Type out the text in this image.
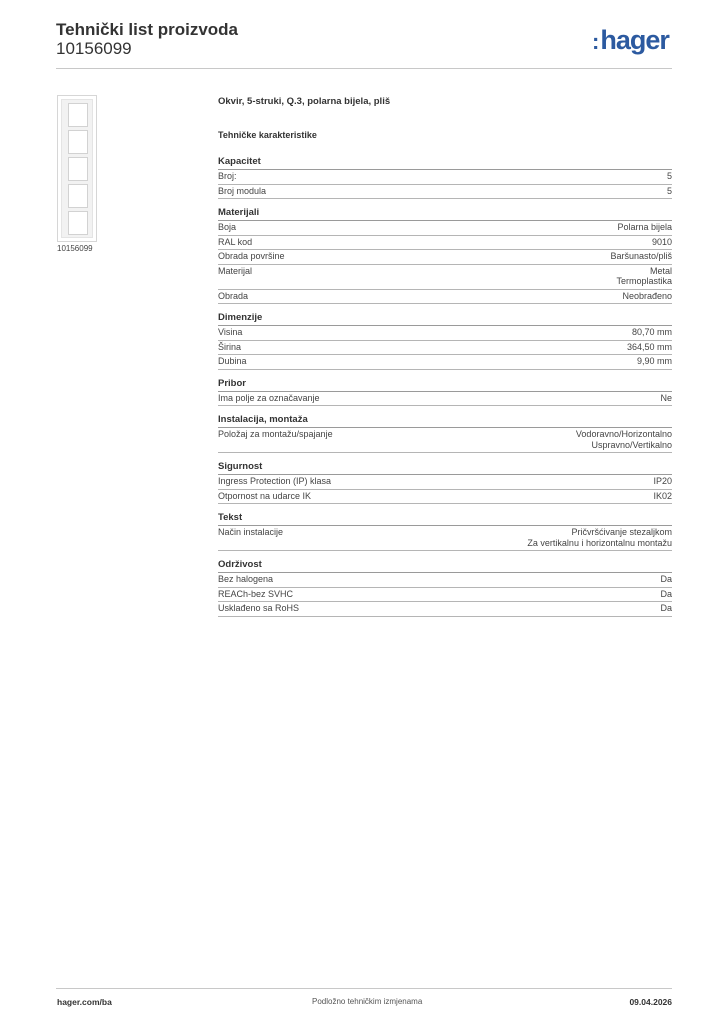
Tehnički list proizvoda
10156099	:hager
10156099
Okvir, 5-struki, Q.3, polarna bijela, pliš
Tehničke karakteristike
Kapacitet
Broj:	5
Broj modula	5
Materijali
Boja	Polarna bijela
RAL kod	9010
Obrada površine	Baršunasto/pliš
Materijal	Metal
Termoplastika
Obrada	Neobrađeno
Dimenzije
Visina	80,70 mm
Širina	364,50 mm
Dubina	9,90 mm
Pribor
Ima polje za označavanje	Ne
Instalacija, montaža
Položaj za montažu/spajanje	Vodoravno/Horizontalno
Uspravno/Vertikalno
Sigurnost
Ingress Protection (IP) klasa	IP20
Otpornost na udarce IK	IK02
Tekst
Način instalacije	Pričvršćivanje stezaljkom
Za vertikalnu i horizontalnu montažu
Održivost
Bez halogena	Da
REACh-bez SVHC	Da
Usklađeno sa RoHS	Da
hager.com/ba	Podložno tehničkim izmjenama	09.04.2026
